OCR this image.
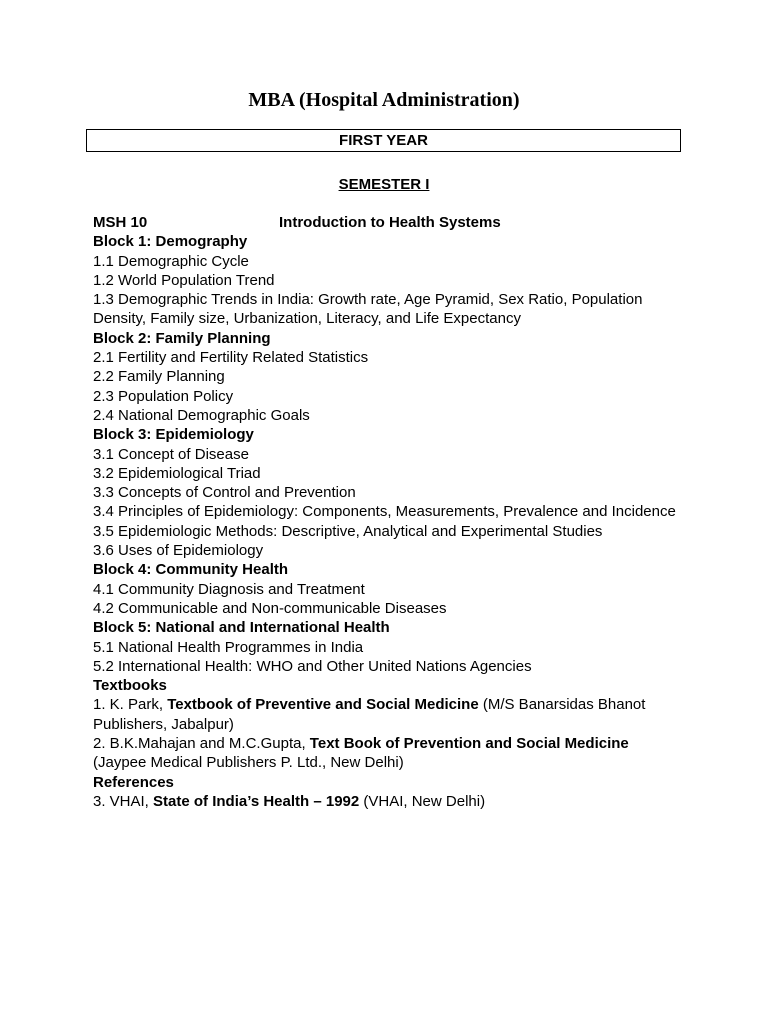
MBA (Hospital Administration)
FIRST YEAR
SEMESTER I

MSH 10	Introduction to Health Systems

Block 1: Demography

1.1 Demographic Cycle

1.2 World Population Trend

1.3 Demographic Trends in India: Growth rate, Age Pyramid, Sex Ratio, Population Density, Family size, Urbanization, Literacy, and Life Expectancy

Block 2: Family Planning

2.1 Fertility and Fertility Related Statistics

2.2 Family Planning

2.3 Population Policy

2.4 National Demographic Goals

Block 3: Epidemiology

3.1 Concept of Disease

3.2 Epidemiological Triad

3.3 Concepts of Control and Prevention

3.4 Principles of Epidemiology: Components, Measurements, Prevalence and Incidence

3.5 Epidemiologic Methods: Descriptive, Analytical and Experimental Studies

3.6 Uses of Epidemiology

Block 4: Community Health

4.1 Community Diagnosis and Treatment

4.2 Communicable and Non-communicable Diseases

Block 5: National and International Health

5.1 National Health Programmes in India

5.2 International Health: WHO and Other United Nations Agencies

Textbooks

1. K. Park, Textbook of Preventive and Social Medicine (M/S Banarsidas Bhanot Publishers, Jabalpur)

2. B.K.Mahajan and M.C.Gupta, Text Book of Prevention and Social Medicine (Jaypee Medical Publishers P. Ltd., New Delhi)

References

3. VHAI, State of India’s Health – 1992 (VHAI, New Delhi)
